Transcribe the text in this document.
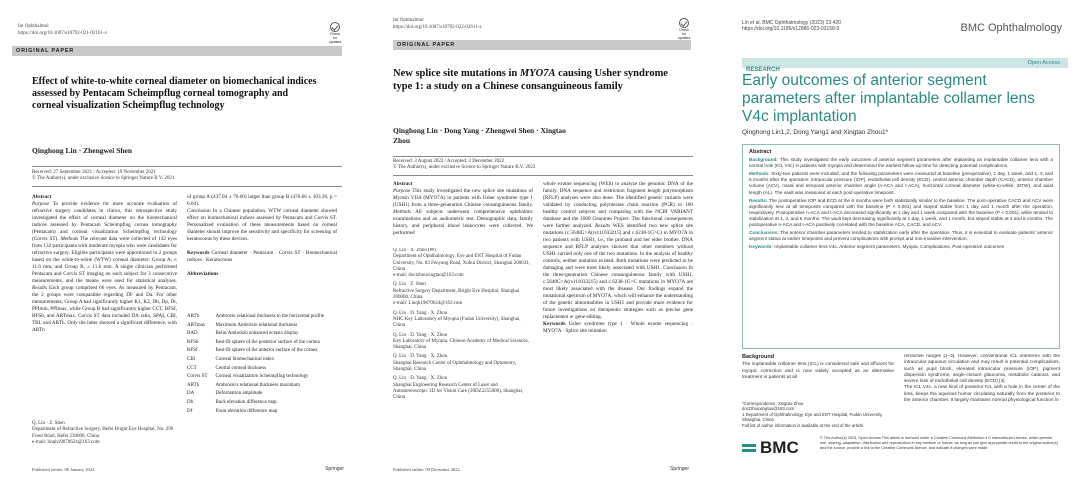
Int Ophthalmol
https://doi.org/10.1007/s10792-021-02161-x	Check for updates
ORIGINAL PAPER
Effect of white-to-white corneal diameter on biomechanical indices assessed by Pentacam Scheimpflug corneal tomography and corneal visualization Scheimpflug technology
Qinghong Lin · Zhengwei Shen
Received: 27 September 2021 / Accepted: 19 November 2021
© The Author(s), under exclusive licence to Springer Nature B.V. 2021
Abstract
Purpose To provide evidence for more accurate evaluation of refractive surgery candidates in clinics, this retrospective study investigated the effect of corneal diameter on the biomechanical indices assessed by Pentacam Scheimpflug cornea tomography (Pentacam) and corneal visualization Scheimpflug technology (Corvis ST). Methods The relevant data were collected of 132 eyes from 132 participants with moderate myopia who were candidates for refractive surgery. Eligible participants were apportioned to 2 groups based on the white-to-white (WTW) corneal diameter: Group A, ≤ 11.6 mm, and Group B, ≥ 11.6 mm. A single clinician performed Pentacam and Corvis ST imaging on each subject for 3 consecutive measurements, and the means were used for statistical analyses. Results Each group comprised 66 eyes. As measured by Pentacam, the 2 groups were comparable regarding DF and Da. For other measurements, Group A had significantly higher K1, K2, Db, Dp, Dt, PPImin, PPImax, while Group B had significantly higher CCT, BFSf, BFSb, and ARTmax. Corvis ST data included DA ratio, SPAI, CBI, TBI, and ARTh. Only the latter showed a significant difference, with ARTh
of group A (437.04 ± 76.60) larger than group B (476.66 ± 103.36, p = 0.04).
Conclusion In a Chinese population, WTW corneal diameter showed effect on biomechanical indices assessed by Pentacam and Corvis ST. Personalized evaluation of these measurements based on corneal diameter should improve the sensitivity and specificity for screening of keratoconus by these devices.

Keywords Corneal diameter · Pentacam · Corvis ST · Biomechanical indices · Keratoconus

Abbreviations
ARTh	Ambrósio relational thickness to the horizontal profile
ARTmax	Maximum Ambrósio relational thickness
BAD	Belin/Ambrósio enhanced ectasia display
BFSb	Best-fit sphere of the posterior surface of the cornea
BFSf	Best-fit sphere of the anterior surface of the cornea
CBI	Corneal biomechanical index
CCT	Central corneal thickness
Corvis ST	Corneal visualization Scheimpflug technology
ARTh	Ambrósio's relational thickness maximum
DA	Deformation amplitude
Db	Back elevation difference map
Df	Front elevation difference map
Q. Lin · Z. Shen
Department of Refractive Surgery, Hefei Bright Eye Hospital, No. 290 Front Road, Hefei 230000, China
e-mail: linqh19870624@163.com
Published online: 06 January 2022	Springer
Int Ophthalmol
https://doi.org/10.1007/s10792-022-02611-z	Check for updates
ORIGINAL PAPER
New splice site mutations in MYO7A causing Usher syndrome type 1: a study on a Chinese consanguineous family
Qinghong Lin · Dong Yang · Zhengwei Shen · Xingtao Zhou
Received: 3 August 2022 / Accepted: 2 December 2022
© The Author(s), under exclusive licence to Springer Nature B.V. 2022
Abstract
Purpose This study investigated the new splice site mutations of Myosin VIIA (MYO7A) in patients with Usher syndrome type 1 (USH1) from a three-generation Chinese consanguineous family. Methods All subjects underwent comprehensive ophthalmic examinations and an audiometric test. Demographic data, family history, and peripheral blood leukocytes were collected. We performed
Q. Lin · X. Zhou (✉)
Department of Ophthalmology, Eye and ENT Hospital of Fudan University, No. 83 Fenyang Road, Xuhui District, Shanghai 200031, China
e-mail: doctzhouxingtao@163.com
Q. Lin · Z. Shen
Refractive Surgery Department, Bright Eye Hospital, Shanghai 200000, China
e-mail: Linqh19870624@163.com
Q. Lin · D. Yang · X. Zhou
NHC Key Laboratory of Myopia (Fudan University), Shanghai, China
Q. Lin · D. Yang · X. Zhou
Key Laboratory of Myopia, Chinese Academy of Medical Sciences, Shanghai, China
Q. Lin · D. Yang · X. Zhou
Shanghai Research Center of Ophthalmology and Optometry, Shanghai, China
Q. Lin · D. Yang · X. Zhou
Shanghai Engineering Research Center of Laser and Autostereoscopic 3D for Vision Care (20DZ2255000), Shanghai, China
whole exome sequencing (WES) to analyze the genomic DNA of the family. DNA sequence and restriction fragment length polymorphism (RFLP) analyses were also done. The identified genetic variants were validated by conducting polymerase chain reaction (PCR) in 100 healthy control subjects and comparing with the NCBI VARIANT database and the 1000 Genomes Project. The functional consequences were further analyzed. Results WES identified two new splice site mutations (c.5648G>A(rs111033215) and c.6238-1G>C) in MYO7A in two patients with USH1, i.e., the proband and her elder brother. DNA sequence and RFLP analyses showed that other members without USH1 carried only one of the two mutations. In the analysis of healthy controls, neither mutation existed. Both mutations were predicted to be damaging and were most likely associated with USH1. Conclusion In the three-generation Chinese consanguineous family with USH1, c.5648G>A(rs111033215) and c.6238-1G>C mutations in MYO7A are most likely associated with the disease. Our findings expand the mutational spectrum of MYO7A, which will enhance the understanding of the genetic abnormalities in USH1 and provide more evidence for future investigations on therapeutic strategies such as precise gene replacement or gene editing.
Keywords Usher syndrome type 1 · Whole exome sequencing · MYO7A · Splice site mutation
Published online: 09 December 2022	Springer
Lin et al. BMC Ophthalmology (2023) 23:420
https://doi.org/10.1186/s12886-023-03158-9	BMC Ophthalmology
RESEARCH
Open Access
Early outcomes of anterior segment parameters after implantable collamer lens V4c implantation
Qinghong Lin1,2, Dong Yang1 and Xingtao Zhou1*

Abstract

Background: This study investigated the early outcomes of anterior segment parameters after implanting an implantable collamer lens with a central hole (ICL V4c) in patients with myopia and determined the earliest follow-up time for detecting potential complications.

Methods: Sixty-two patients were included, and the following parameters were measured at baseline (preoperative), 1 day, 1 week, and 1, 3, and 6 months after the operation: intraocular pressure (IOP), endothelial cell density (ECD), central anterior chamber depth (CACD), anterior chamber volume (ACV), nasal and temporal anterior chamber angle (n-ACA and t-ACA), horizontal corneal diameter (white-to-white, WTW), and axial length (AL). The vault was measured at each post-operative timepoint.

Results: The postoperative IOP and ECD at the 6 months were both statistically similar to the baseline. The post-operative CACD and ACV were significantly less at all timepoints compared with the baseline (P < 0.001) and stayed stable from 1 day and 1 month after the operation, respectively. Postoperative n-ACA and t-ACA decreased significantly at 1 day and 1 week compared with the baseline (P < 0.001), while tended to stabilization at 1, 3, and 6 months. The vault kept decreasing significantly at 1 day, 1 week, and 1 month, but stayed stable at 3 and 6 months. The postoperative n-ACA and t-ACA positively correlated with the baseline ACA, CACD, and ACV.

Conclusions: The anterior chamber parameters tended to stabilization early after the operation. Thus, it is essential to evaluate patients' anterior segment status at earlier timepoints and prevent complications with prompt and non-invasive intervention.

Keywords: Implantable collamer lens V4c, Anterior segment parameters, Myopia, Complications, Post-operative outcomes

Background
The implantable collamer lens (ICL) is considered safe and efficient for myopic correction and is now widely accepted as an alternative treatment in patients at all
*Correspondence: Xingtao Zhou
doctzhouxingtao@163.com
1 Department of Ophthalmology, Eye and ENT Hospital, Fudan University, Shanghai, China
Full list of author information is available at the end of the article
refractive ranges [1–3]. However, conventional ICL interferes with the intraocular aqueous circulation and may result in potential complications, such as pupil block, elevated intraocular pressure (IOP), pigment dispersion syndrome, angle-closure glaucoma, metabolic cataract, and severe loss of endothelial cell density (ECD) [4].
The ICL V4c, a new kind of posterior ICL with a hole in the center of the lens, keeps the aqueous humor circulating naturally from the posterior to the anterior chamber. It largely maintains normal physiological function in
BMC	© The Author(s) 2023. Open Access This article is licensed under a Creative Commons Attribution 4.0 International License, which permits use, sharing, adaptation, distribution and reproduction in any medium or format, as long as you give appropriate credit to the original author(s) and the source, provide a link to the Creative Commons licence, and indicate if changes were made.
